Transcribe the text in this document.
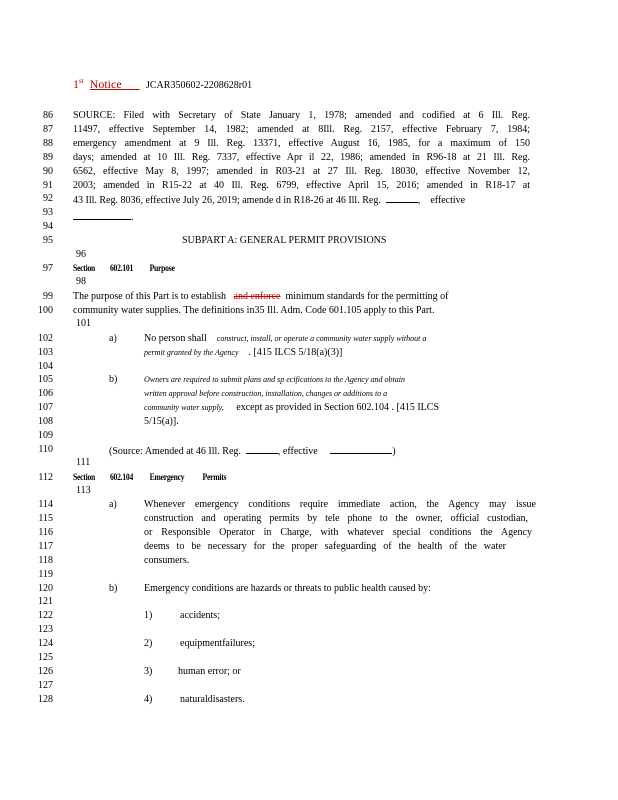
1st Notice	JCAR350602-2208628r01
86
87
88
89
90
91
92
93
94
95
96
97
98
99
100
101
102
103
104
105
106
107
108
109
110
111
112
113
114
115
116
117
118
119
120
121
122
123
124
125
126
127
128
SOURCE: Filed with Secretary of State January 1, 1978; amended and codified at 6 Ill. Reg.
11497, effective September 14, 1982; amended at 8Ill. Reg. 2157, effective February 7, 1984;
emergency amendment at 9 Ill. Reg. 13371, effective August 16, 1985, for a maximum of 150
days; amended at 10 Ill. Reg. 7337, effective Apr il 22, 1986; amended in R96-18 at 21 Ill. Reg.
6562, effective May 8, 1997; amended in R03-21 at 27 Ill. Reg. 18030, effective November 12,
2003; amended in R15-22 at 40 Ill. Reg. 6799, effective April 15, 2016; amended in R18-17 at
43 Ill. Reg. 8036, effective July 26, 2019; amende d in R18-26 at 46 Ill. Reg.	,    effective
.
SUBPART A: GENERAL PERMIT PROVISIONS
Section 602.101 Purpose
The purpose of this Part is to establish and enforce minimum standards for the permitting of
community water supplies. The definitions in35 Ill. Adm. Code 601.105 apply to this Part.
a)	No person shall construct, install, or operate a community water supply without a
permit granted by the Agency . [415 ILCS 5/18(a)(3)]
b)	Owners are required to submit plans and sp ecifications to the Agency and obtain
written approval before construction, installation, changes or additions to a
community water supply, except as provided in Section 602.104 . [415 ILCS
5/15(a)].
(Source: Amended at 46 Ill. Reg.	, effective	)
Section 602.104 Emergency Permits
a)	Whenever emergency conditions require immediate action, the Agency may issue
construction and operating permits by tele phone to the owner, official custodian,
or Responsible Operator in Charge, with whatever special conditions the Agency
deems to be necessary for the proper safeguarding of the health of the water
consumers.
b)	Emergency conditions are hazards or threats to public health caused by:
1)	accidents;
2)	equipmentfailures;
3)	human error; or
4)	naturaldisasters.
